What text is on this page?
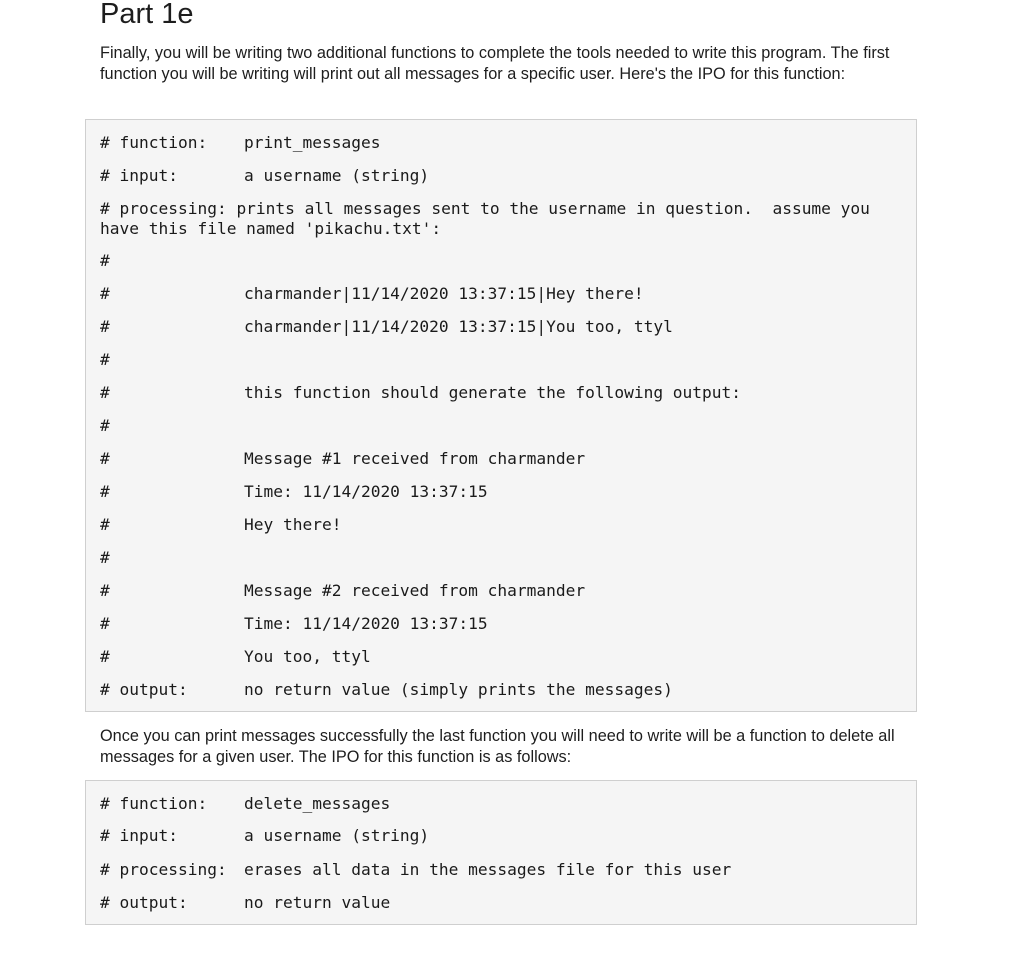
Part 1e

Finally, you will be writing two additional functions to complete the tools needed to write this program. The first function you will be writing will print out all messages for a specific user. Here's the IPO for this function:

# function: print_messages
# input:	a username (string)
# processing: prints all messages sent to the username in question.  assume you have this file named 'pikachu.txt':
#
#	charmander|11/14/2020 13:37:15|Hey there!
#	charmander|11/14/2020 13:37:15|You too, ttyl
#
#	this function should generate the following output:
#
#	Message #1 received from charmander
#	Time: 11/14/2020 13:37:15
#	Hey there!
#
#	Message #2 received from charmander
#	Time: 11/14/2020 13:37:15
#	You too, ttyl
# output:	no return value (simply prints the messages)

Once you can print messages successfully the last function you will need to write will be a function to delete all messages for a given user. The IPO for this function is as follows:

# function: delete_messages
# input:	a username (string)
# processing: erases all data in the messages file for this user
# output:	no return value
